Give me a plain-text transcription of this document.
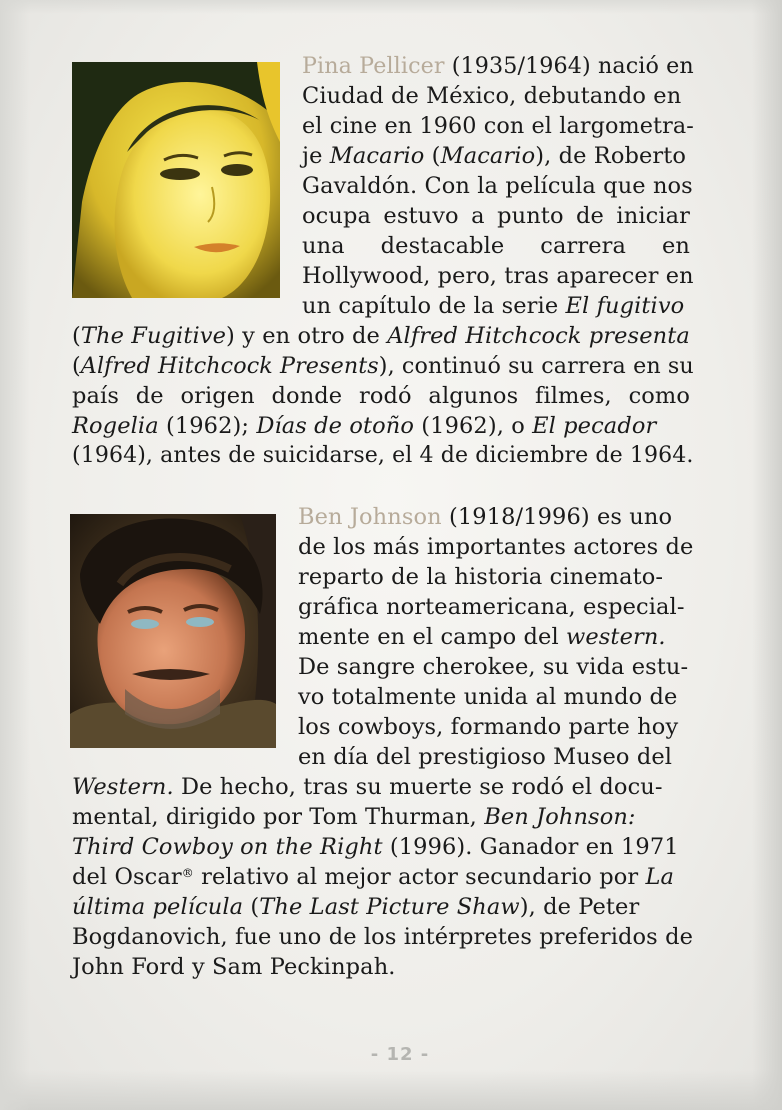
Pina Pellicer (1935/1964) nació en
Ciudad de México, debutando en
el cine en 1960 con el largometra-
je Macario (Macario), de Roberto
Gavaldón. Con la película que nos
ocupa estuvo a punto de iniciar
una destacable carrera en
Hollywood, pero, tras aparecer en
un capítulo de la serie El fugitivo
(The Fugitive) y en otro de Alfred Hitchcock presenta
(Alfred Hitchcock Presents), continuó su carrera en su
país de origen donde rodó algunos filmes, como
Rogelia (1962); Días de otoño (1962), o El pecador
(1964), antes de suicidarse, el 4 de diciembre de 1964.
Ben Johnson (1918/1996) es uno
de los más importantes actores de
reparto de la historia cinemato-
gráfica norteamericana, especial-
mente en el campo del western.
De sangre cherokee, su vida estu-
vo totalmente unida al mundo de
los cowboys, formando parte hoy
en día del prestigioso Museo del
Western. De hecho, tras su muerte se rodó el docu-
mental, dirigido por Tom Thurman, Ben Johnson:
Third Cowboy on the Right (1996). Ganador en 1971
del Oscar® relativo al mejor actor secundario por La
última película (The Last Picture Shaw), de Peter
Bogdanovich, fue uno de los intérpretes preferidos de
John Ford y Sam Peckinpah.
- 12 -
